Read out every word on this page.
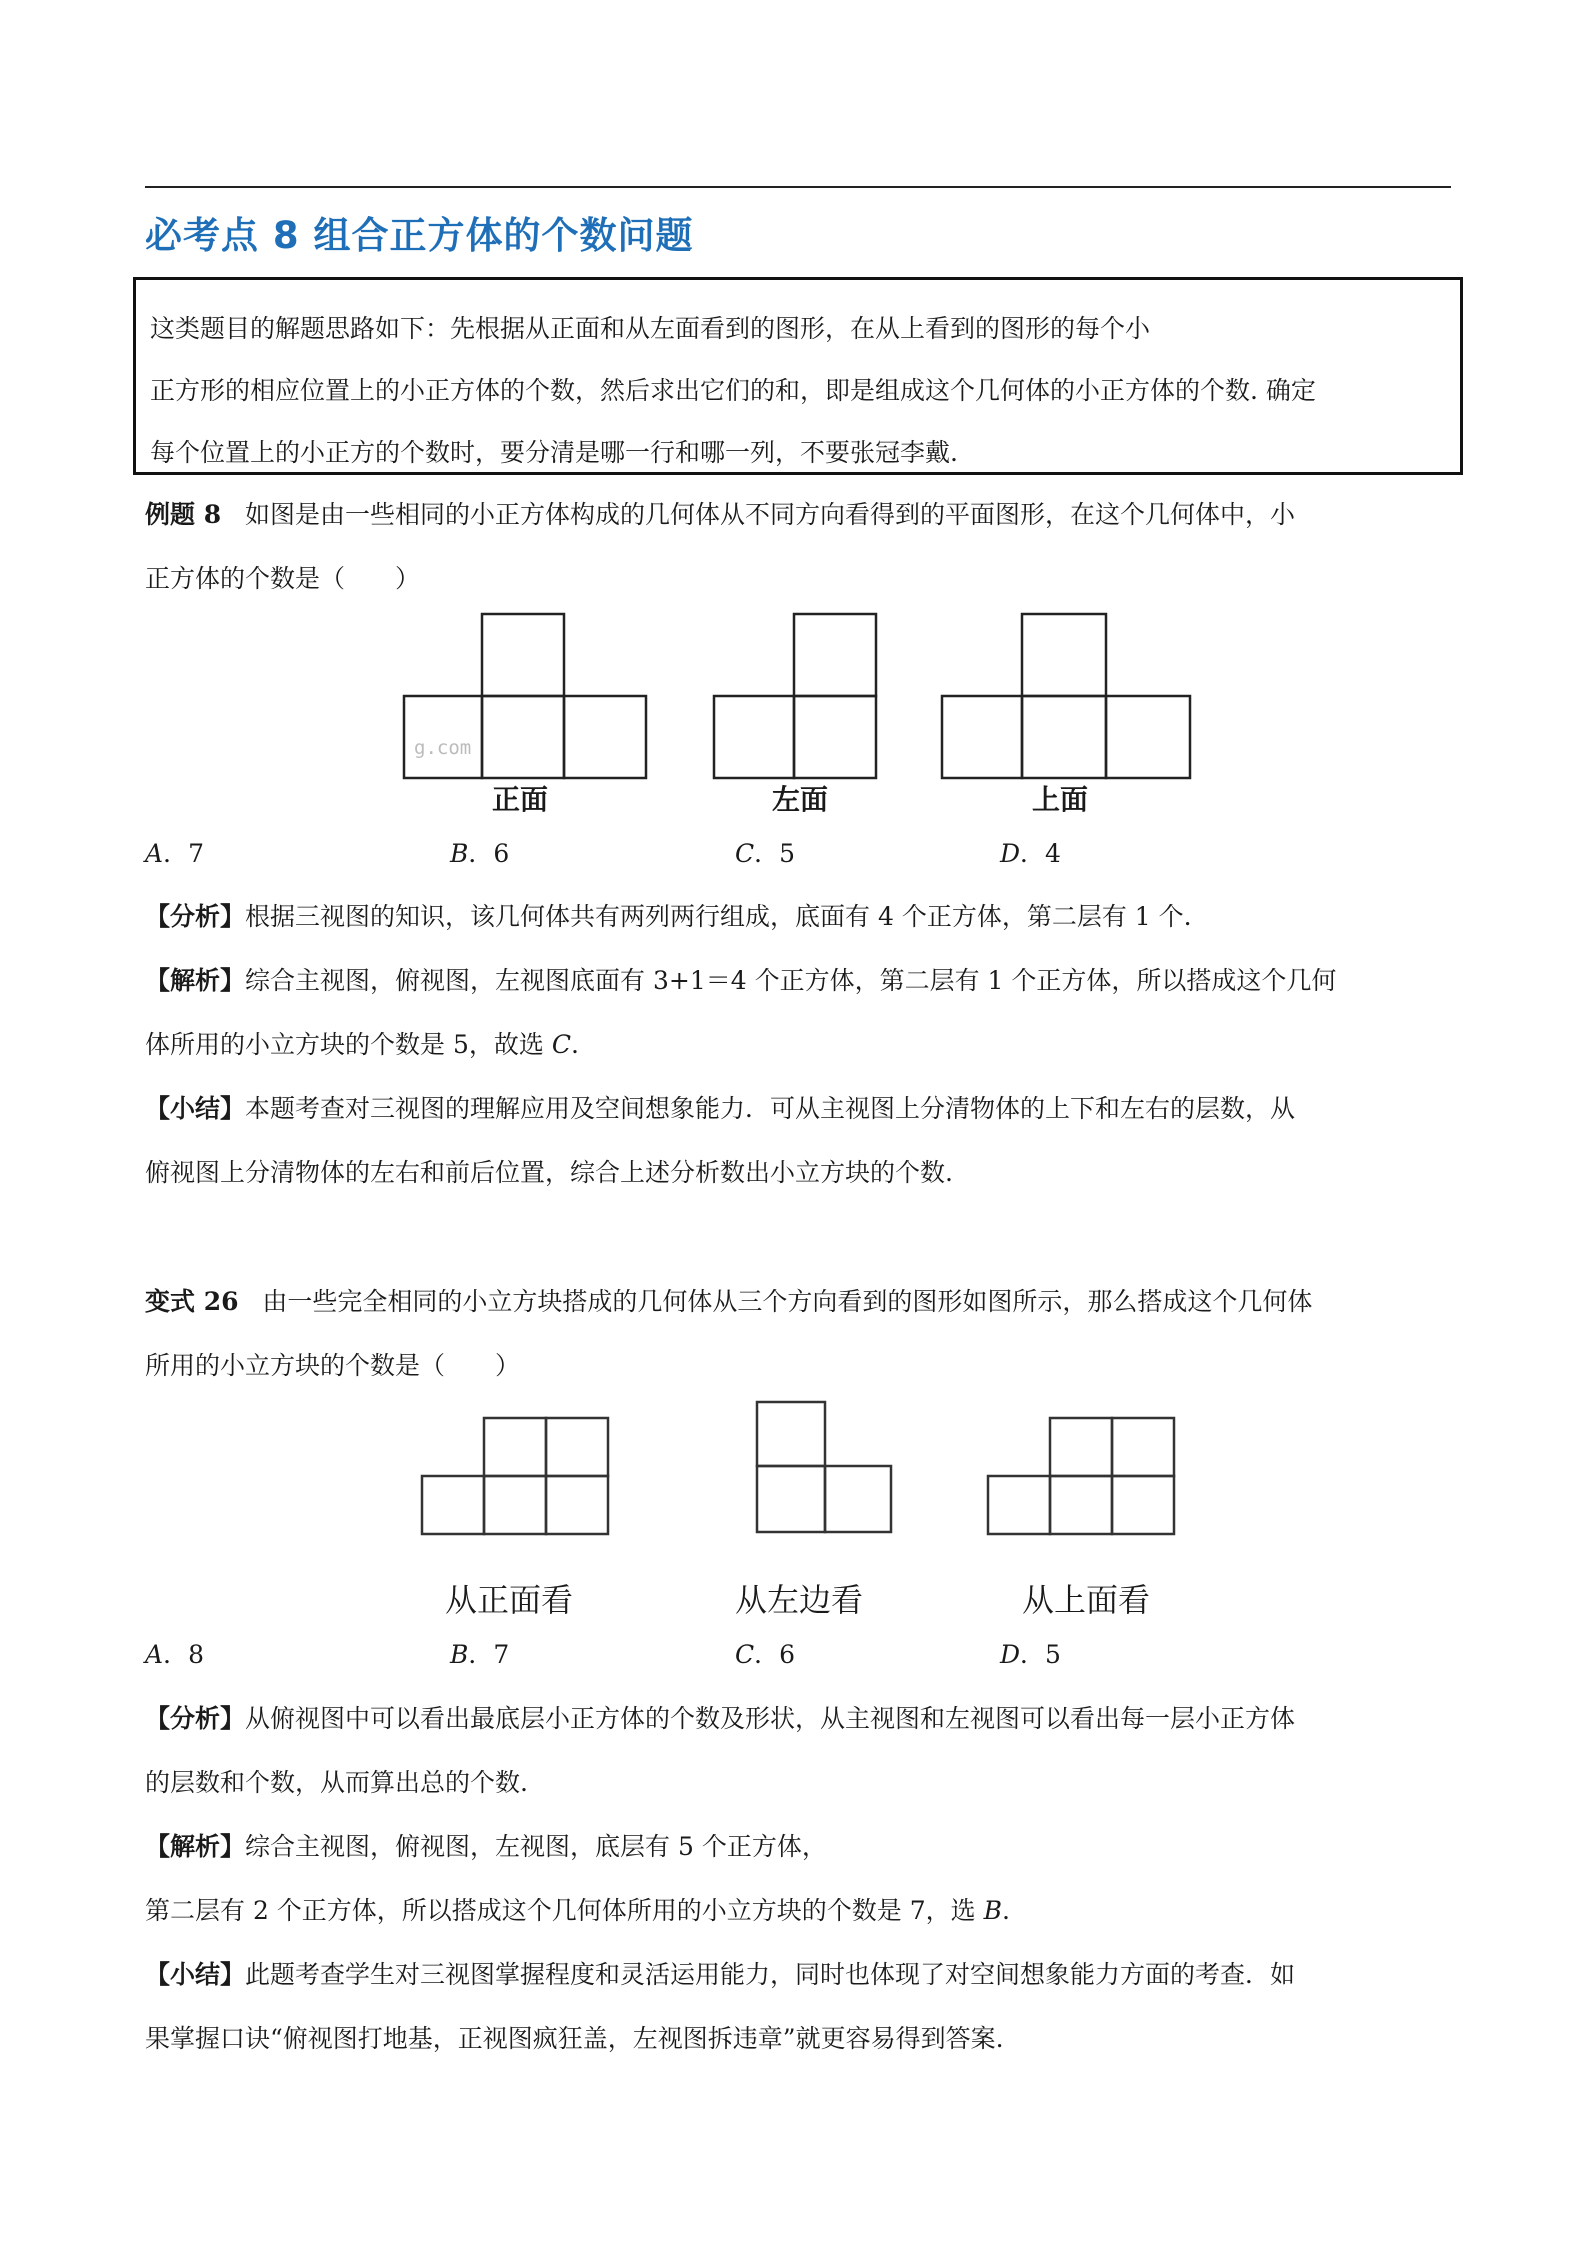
必考点 8 组合正方体的个数问题

这类题目的解题思路如下：先根据从正面和从左面看到的图形，在从上看到的图形的每个小

正方形的相应位置上的小正方体的个数，然后求出它们的和，即是组成这个几何体的小正方体的个数. 确定

每个位置上的小正方的个数时，要分清是哪一行和哪一列，不要张冠李戴.

例题 8 如图是由一些相同的小正方体构成的几何体从不同方向看得到的平面图形，在这个几何体中，小
正方体的个数是（　　）
g.com
正面	左面	上面
A．7	B．6	C．5	D．4
【分析】根据三视图的知识，该几何体共有两列两行组成，底面有 4 个正方体，第二层有 1 个.
【解析】综合主视图，俯视图，左视图底面有 3+1＝4 个正方体，第二层有 1 个正方体，所以搭成这个几何
体所用的小立方块的个数是 5，故选 C.
【小结】本题考查对三视图的理解应用及空间想象能力．可从主视图上分清物体的上下和左右的层数，从
俯视图上分清物体的左右和前后位置，综合上述分析数出小立方块的个数.
变式 26 由一些完全相同的小立方块搭成的几何体从三个方向看到的图形如图所示，那么搭成这个几何体
所用的小立方块的个数是（　　）
从正面看	从左边看	从上面看
A．8	B．7	C．6	D．5
【分析】从俯视图中可以看出最底层小正方体的个数及形状，从主视图和左视图可以看出每一层小正方体
的层数和个数，从而算出总的个数.
【解析】综合主视图，俯视图，左视图，底层有 5 个正方体，
第二层有 2 个正方体，所以搭成这个几何体所用的小立方块的个数是 7，选 B.
【小结】此题考查学生对三视图掌握程度和灵活运用能力，同时也体现了对空间想象能力方面的考查．如
果掌握口诀“俯视图打地基，正视图疯狂盖，左视图拆违章”就更容易得到答案.
